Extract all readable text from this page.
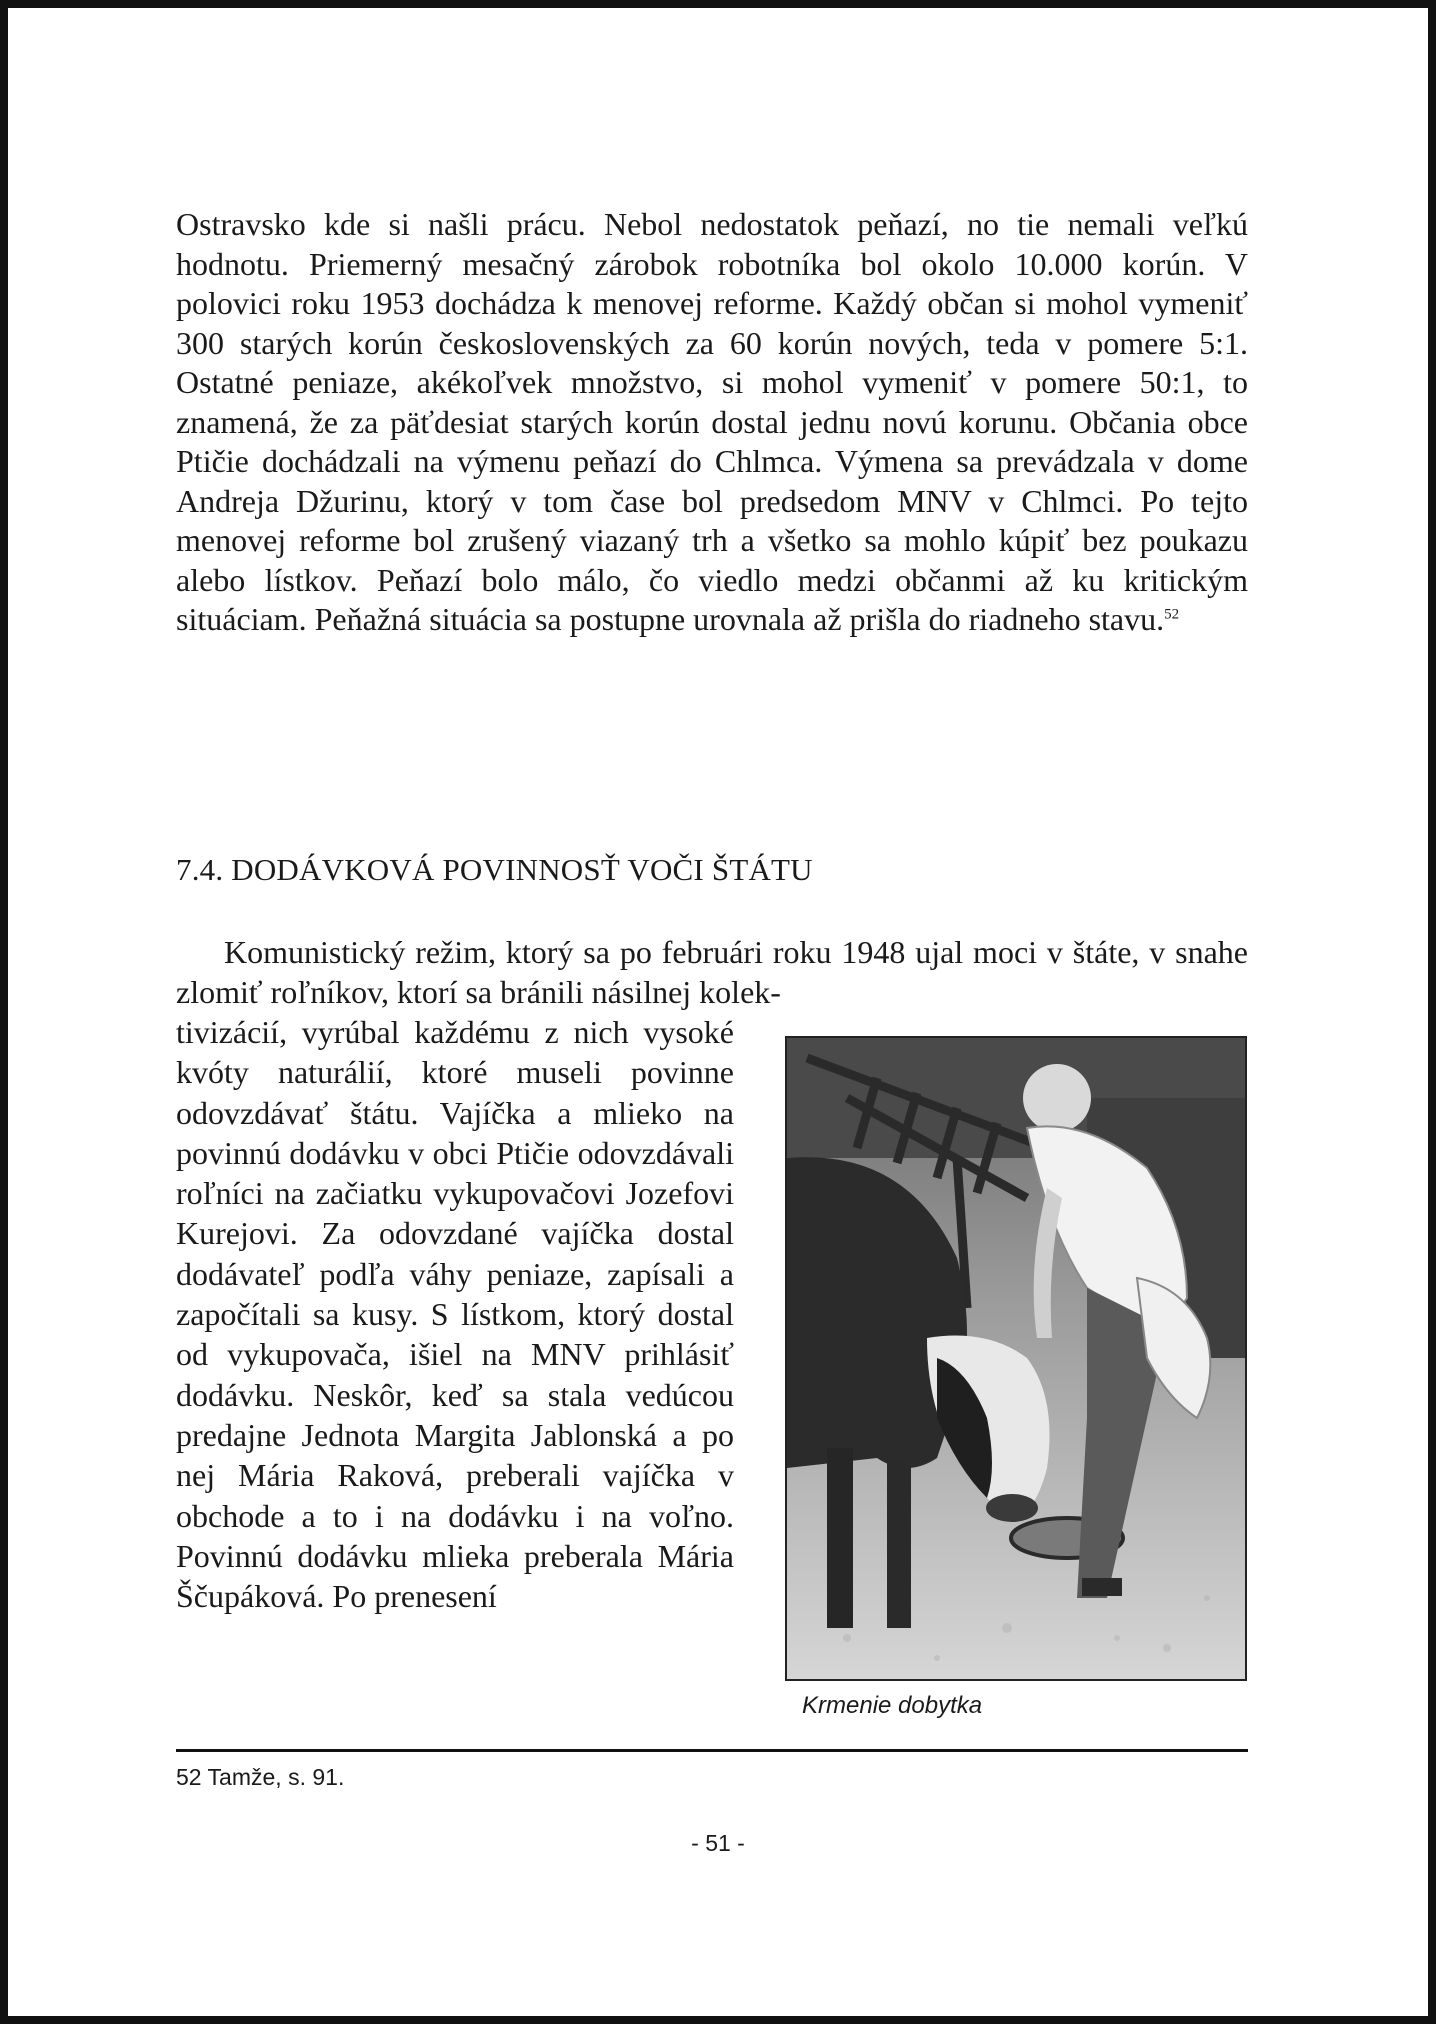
Ostravsko kde si našli prácu. Nebol nedostatok peňazí, no tie nemali veľkú hodnotu. Priemerný mesačný zárobok robotníka bol okolo 10.000 korún. V polovici roku 1953 dochádza k menovej reforme. Každý občan si mohol vymeniť 300 starých korún československých za 60 korún nových, teda v pomere 5:1. Ostatné peniaze, akékoľvek množstvo, si mohol vymeniť v pomere 50:1, to znamená, že za päťdesiat starých korún dostal jednu novú korunu. Občania obce Ptičie dochádzali na výmenu peňazí do Chlmca. Výmena sa prevádzala v dome Andreja Džurinu, ktorý v tom čase bol predsedom MNV v Chlmci. Po tejto menovej reforme bol zrušený viazaný trh a všetko sa mohlo kúpiť bez poukazu alebo lístkov. Peňazí bolo málo, čo viedlo medzi občanmi až ku kritickým situáciam. Peňažná situácia sa postupne urovnala až prišla do riadneho stavu.$^{52}$

7.4. DODÁVKOVÁ POVINNOSŤ VOČI ŠTÁTU

Komunistický režim, ktorý sa po februári roku 1948 ujal moci v štáte, v snahe zlomiť roľníkov, ktorí sa bránili násilnej kolek-

tivizácií, vyrúbal každému z nich vysoké kvóty naturálií, ktoré museli povinne odovzdávať štátu. Vajíčka a mlieko na povinnú dodávku v obci Ptičie odovzdávali roľníci na začiatku vykupovačovi Jozefovi Kurejovi. Za odovzdané vajíčka dostal dodávateľ podľa váhy peniaze, zapísali a započítali sa kusy. S lístkom, ktorý dostal od vykupovača, išiel na MNV prihlásiť dodávku. Neskôr, keď sa stala vedúcou predajne Jednota Margita Jablonská a po nej Mária Raková, preberali vajíčka v obchode a to i na dodávku i na voľno. Povinnú dodávku mlieka preberala Mária Ščupáková. Po prenesení

Krmenie dobytka

52 Tamže, s. 91.

- 51 -
